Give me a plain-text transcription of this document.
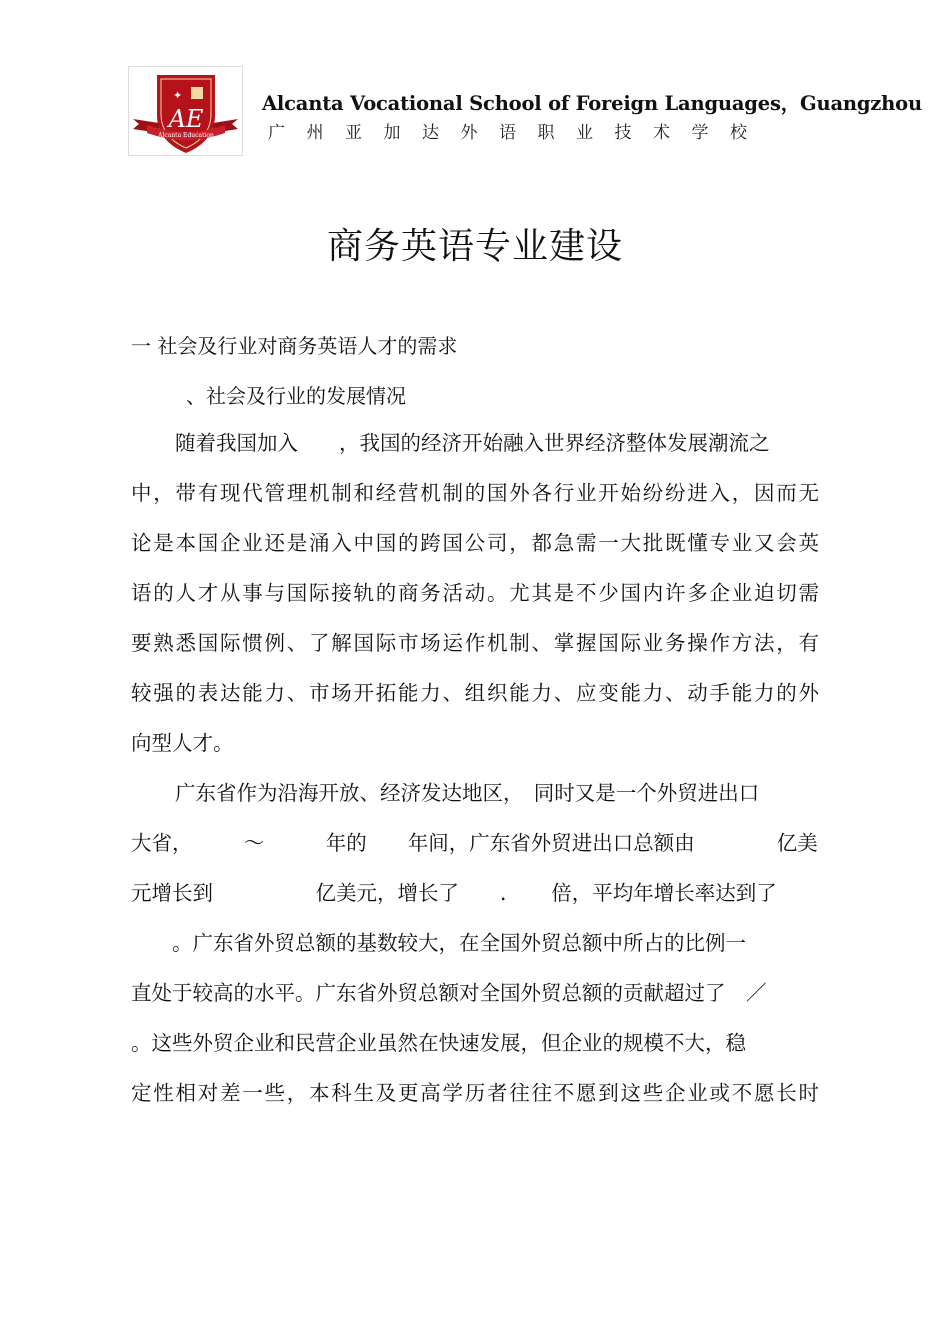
✦
AE
Alcanta Education
Alcanta Vocational School of Foreign Languages，Guangzhou
广州亚加达外语职业技术学校
商务英语专业建设
一 社会及行业对商务英语人才的需求
、社会及行业的发展情况
随着我国加入　　，我国的经济开始融入世界经济整体发展潮流之
中，带有现代管理机制和经营机制的国外各行业开始纷纷进入，因而无
论是本国企业还是涌入中国的跨国公司，都急需一大批既懂专业又会英
语的人才从事与国际接轨的商务活动。尤其是不少国内许多企业迫切需
要熟悉国际惯例、了解国际市场运作机制、掌握国际业务操作方法，有
较强的表达能力、市场开拓能力、组织能力、应变能力、动手能力的外
向型人才。
广东省作为沿海开放、经济发达地区，　同时又是一个外贸进出口
大省，　　　～　　　年的　　年间，广东省外贸进出口总额由　　　　亿美
元增长到　　　　　亿美元，增长了　　．　　倍，平均年增长率达到了
　　。广东省外贸总额的基数较大，在全国外贸总额中所占的比例一
直处于较高的水平。广东省外贸总额对全国外贸总额的贡献超过了　／
。这些外贸企业和民营企业虽然在快速发展，但企业的规模不大，稳
定性相对差一些，本科生及更高学历者往往不愿到这些企业或不愿长时
